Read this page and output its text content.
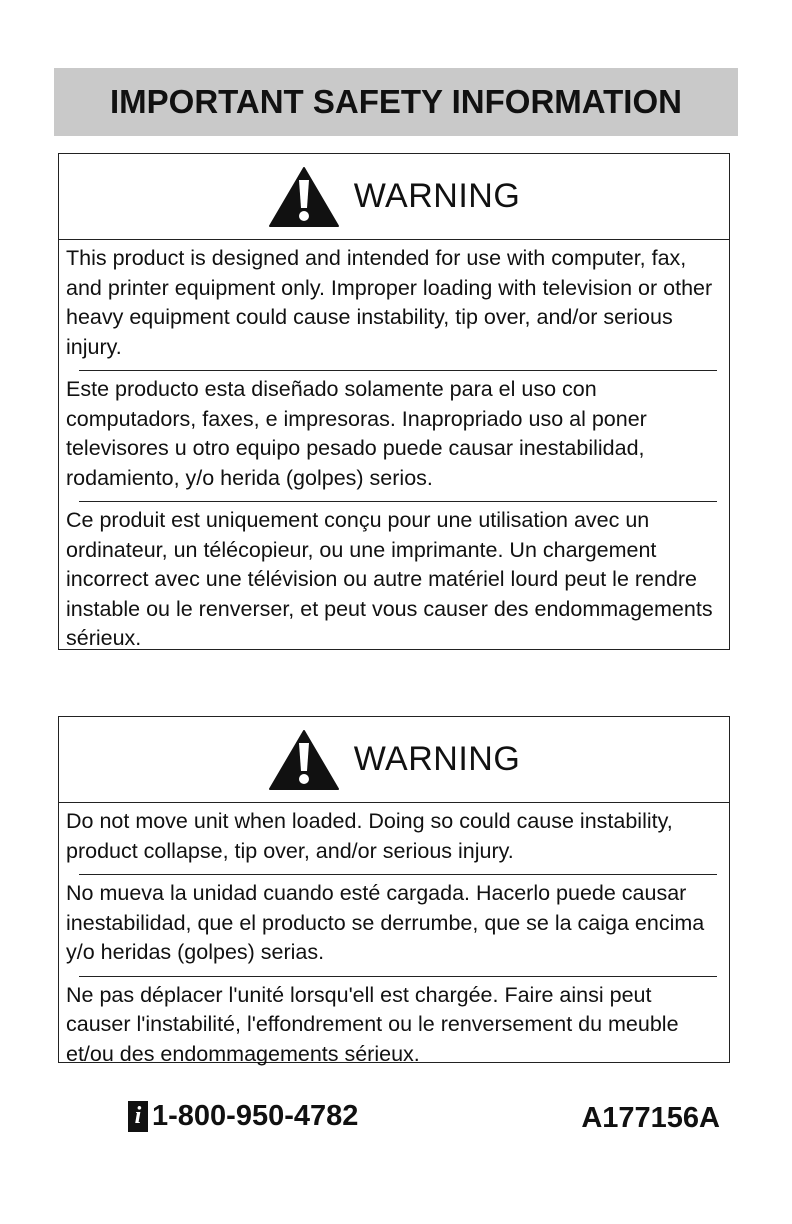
IMPORTANT SAFETY INFORMATION
WARNING
This product is designed and intended for use with computer, fax, and printer equipment only. Improper loading with television or other heavy equipment could cause instability, tip over, and/or serious injury.
Este producto esta diseñado solamente para el uso con computadors, faxes, e impresoras. Inapropriado uso al poner televisores u otro equipo pesado puede causar inestabilidad, rodamiento, y/o herida (golpes) serios.
Ce produit est uniquement conçu pour une utilisation avec un ordinateur, un télécopieur, ou une imprimante. Un chargement incorrect avec une télévision ou autre matériel lourd peut le rendre instable ou le renverser, et peut vous causer des endommagements sérieux.
WARNING
Do not move unit when loaded. Doing so could cause instability, product collapse, tip over, and/or serious injury.
No mueva la unidad cuando esté cargada. Hacerlo puede causar inestabilidad, que el producto se derrumbe, que se la caiga encima y/o heridas (golpes) serias.
Ne pas déplacer l'unité lorsqu'ell est chargée. Faire ainsi peut causer l'instabilité, l'effondrement ou le renversement du meuble et/ou des endommagements sérieux.
i 1-800-950-4782	A177156A
